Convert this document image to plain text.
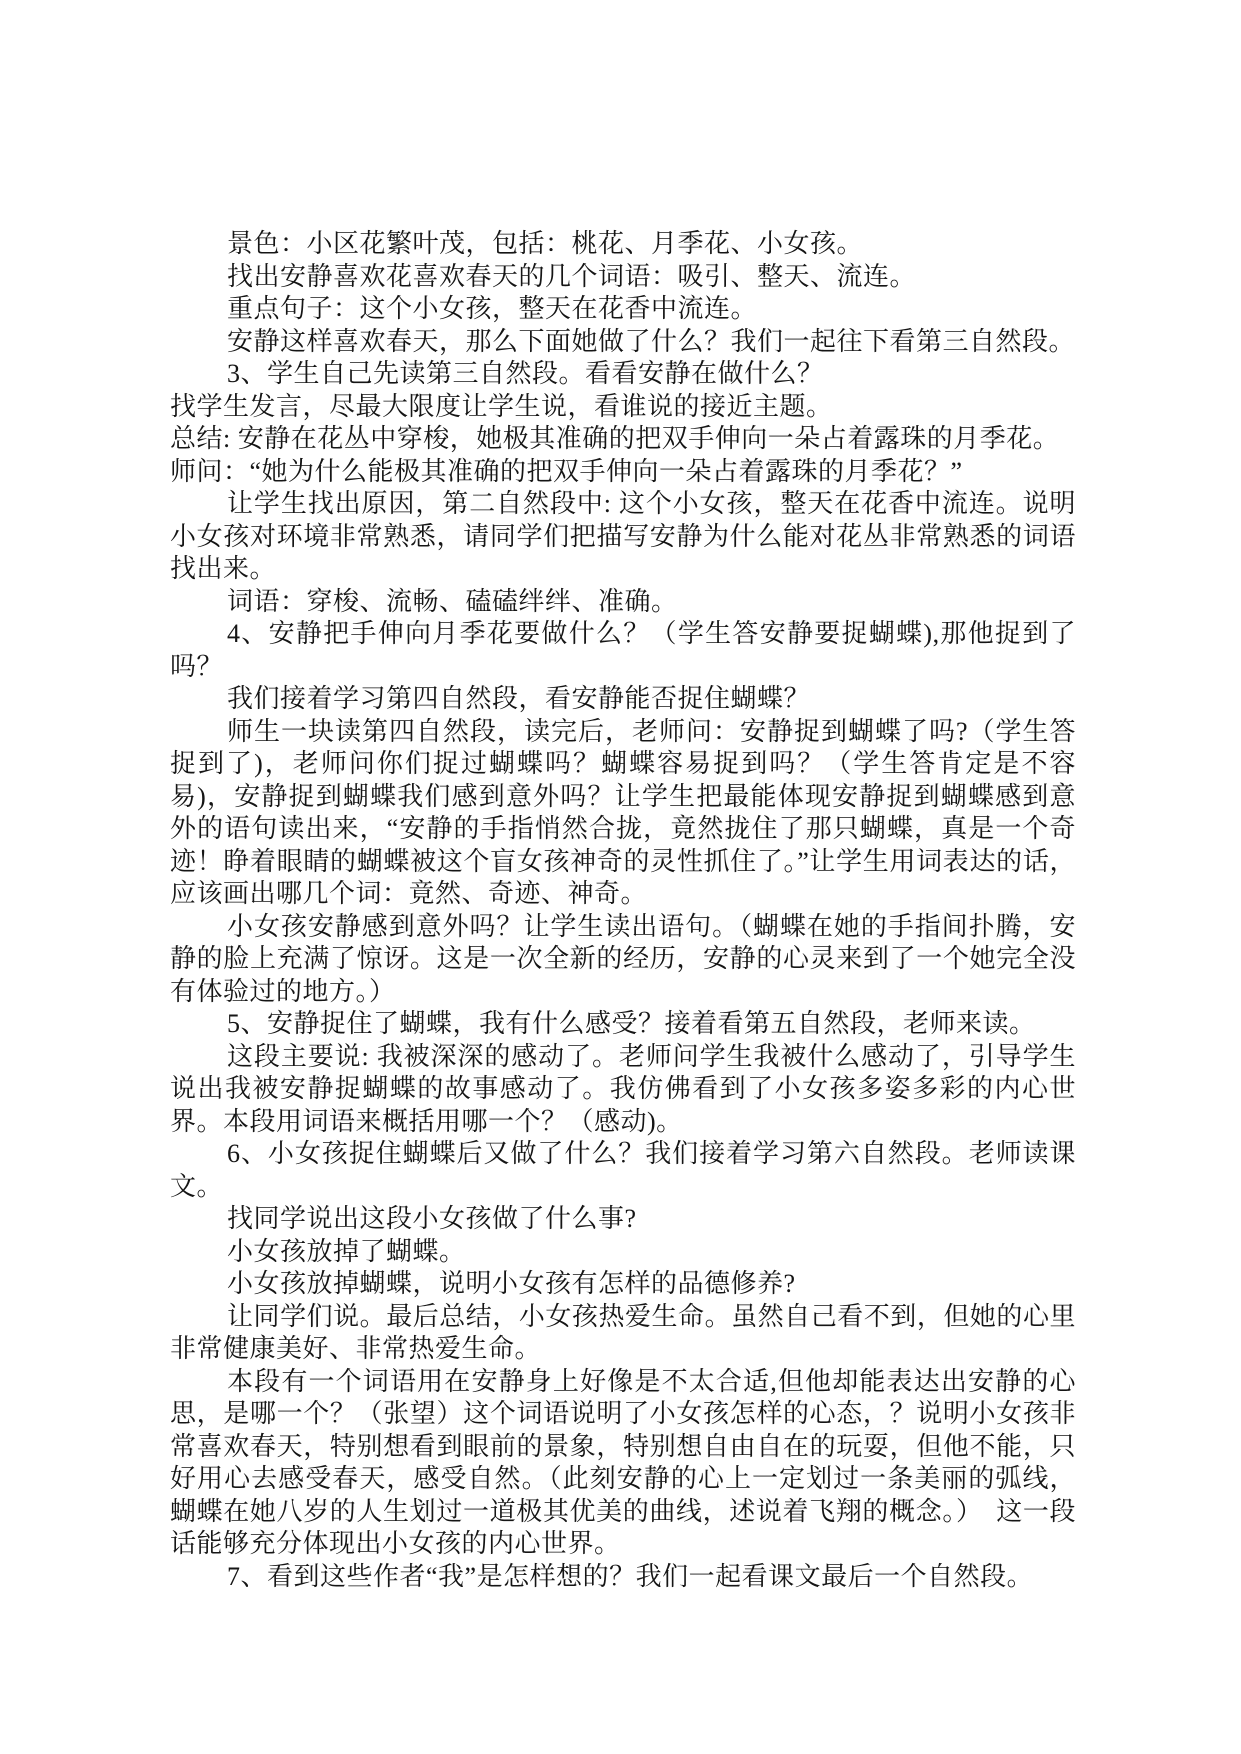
景色：小区花繁叶茂，包括：桃花、月季花、小女孩。

找出安静喜欢花喜欢春天的几个词语：吸引、整天、流连。

重点句子：这个小女孩，整天在花香中流连。

安静这样喜欢春天，那么下面她做了什么？我们一起往下看第三自然段。

3、学生自己先读第三自然段。看看安静在做什么？

找学生发言，尽最大限度让学生说，看谁说的接近主题。

总结: 安静在花丛中穿梭，她极其准确的把双手伸向一朵占着露珠的月季花。

师问：“她为什么能极其准确的把双手伸向一朵占着露珠的月季花？”

让学生找出原因，第二自然段中: 这个小女孩，整天在花香中流连。说明小女孩对环境非常熟悉，请同学们把描写安静为什么能对花丛非常熟悉的词语找出来。

词语：穿梭、流畅、磕磕绊绊、准确。

4、安静把手伸向月季花要做什么？（学生答安静要捉蝴蝶),那他捉到了吗？

我们接着学习第四自然段，看安静能否捉住蝴蝶？

师生一块读第四自然段，读完后，老师问：安静捉到蝴蝶了吗?（学生答捉到了)，老师问你们捉过蝴蝶吗？蝴蝶容易捉到吗？（学生答肯定是不容易)，安静捉到蝴蝶我们感到意外吗？让学生把最能体现安静捉到蝴蝶感到意外的语句读出来，“安静的手指悄然合拢，竟然拢住了那只蝴蝶，真是一个奇迹！睁着眼睛的蝴蝶被这个盲女孩神奇的灵性抓住了。”让学生用词表达的话，应该画出哪几个词：竟然、奇迹、神奇。

小女孩安静感到意外吗？让学生读出语句。（蝴蝶在她的手指间扑腾，安静的脸上充满了惊讶。这是一次全新的经历，安静的心灵来到了一个她完全没有体验过的地方。）

5、安静捉住了蝴蝶，我有什么感受？接着看第五自然段，老师来读。

这段主要说: 我被深深的感动了。老师问学生我被什么感动了，引导学生说出我被安静捉蝴蝶的故事感动了。我仿佛看到了小女孩多姿多彩的内心世界。本段用词语来概括用哪一个？（感动)。

6、小女孩捉住蝴蝶后又做了什么？我们接着学习第六自然段。老师读课文。

找同学说出这段小女孩做了什么事?

小女孩放掉了蝴蝶。

小女孩放掉蝴蝶，说明小女孩有怎样的品德修养?

让同学们说。最后总结，小女孩热爱生命。虽然自己看不到，但她的心里非常健康美好、非常热爱生命。

本段有一个词语用在安静身上好像是不太合适,但他却能表达出安静的心思，是哪一个？（张望）这个词语说明了小女孩怎样的心态，？说明小女孩非常喜欢春天，特别想看到眼前的景象，特别想自由自在的玩耍，但他不能，只好用心去感受春天，感受自然。（此刻安静的心上一定划过一条美丽的弧线，蝴蝶在她八岁的人生划过一道极其优美的曲线，述说着飞翔的概念。）　这一段话能够充分体现出小女孩的内心世界。

7、看到这些作者“我”是怎样想的？我们一起看课文最后一个自然段。
